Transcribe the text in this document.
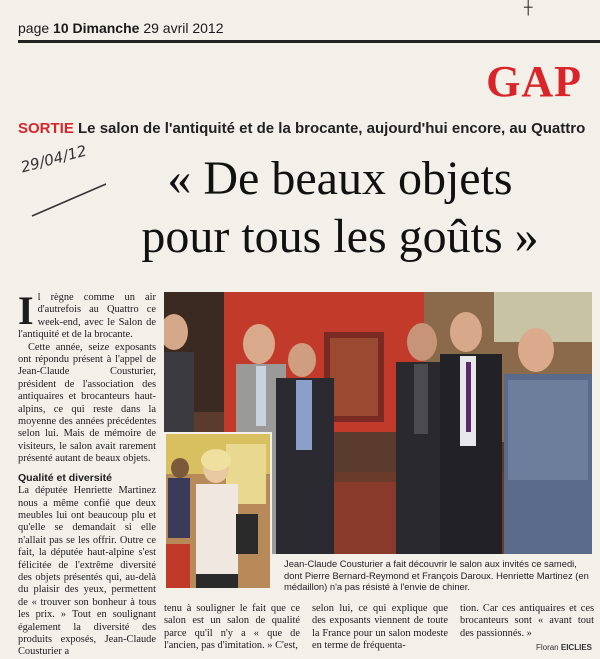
┼
page 10 Dimanche 29 avril 2012
GAP
SORTIE Le salon de l'antiquité et de la brocante, aujourd'hui encore, au Quattro
29/04/12	« De beaux objets
pour tous les goûts »

Il règne comme un air d'autrefois au Quattro ce week-end, avec le Salon de l'antiquité et de la brocante.

Cette année, seize exposants ont répondu présent à l'appel de Jean-Claude Cousturier, président de l'association des antiquaires et brocanteurs haut-alpins, ce qui reste dans la moyenne des années précédentes selon lui. Mais de mémoire de visiteurs, le salon avait rarement présenté autant de beaux objets.

Qualité et diversité

La députée Henriette Martinez nous a même confié que deux meubles lui ont beaucoup plu et qu'elle se demandait si elle n'allait pas se les offrir. Outre ce fait, la députée haut-alpine s'est félicitée de l'extrême diversité des objets présentés qui, au-delà du plaisir des yeux, permettent de « trouver son bonheur à tous les prix. » Tout en soulignant également la diversité des produits exposés, Jean-Claude Cousturier a

Jean-Claude Cousturier a fait découvrir le salon aux invités ce samedi, dont Pierre Bernard-Reymond et François Daroux. Henriette Martinez (en médaillon) n'a pas résisté à l'envie de chiner.

tenu à souligner le fait que ce salon est un salon de qualité parce qu'il n'y a « que de l'ancien, pas d'imitation. » C'est,

selon lui, ce qui explique que des exposants viennent de toute la France pour un salon modeste en terme de fréquenta-

tion. Car ces antiquaires et ces brocanteurs sont « avant tout des passionnés. »

Floran EICLIES
